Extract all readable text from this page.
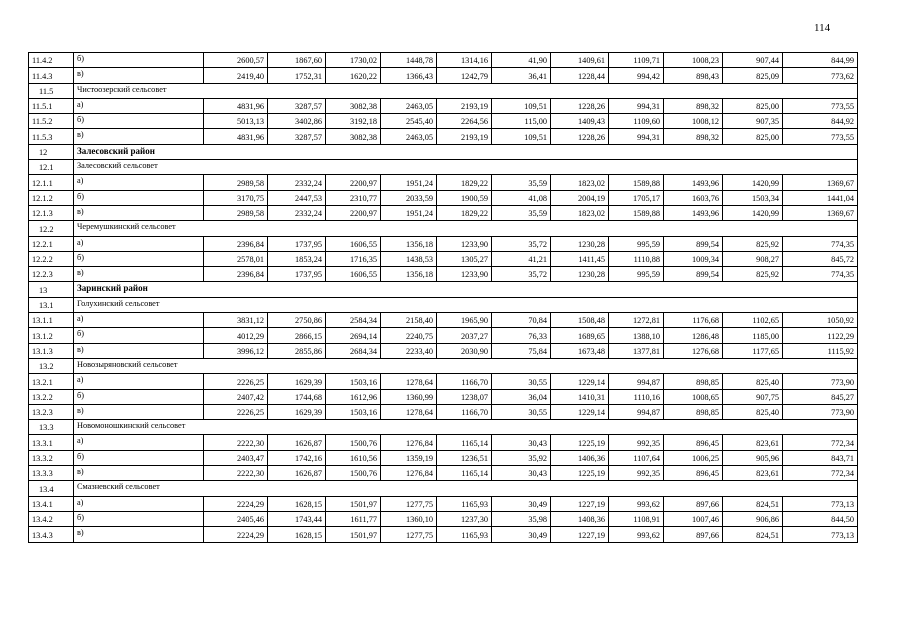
114
11.4.2	б)	2600,57	1867,60	1730,02	1448,78	1314,16	41,90	1409,61	1109,71	1008,23	907,44	844,99	
11.4.3	в)	2419,40	1752,31	1620,22	1366,43	1242,79	36,41	1228,44	994,42	898,43	825,09	773,62	
11.5	Чистоозерский сельсовет												
11.5.1	а)	4831,96	3287,57	3082,38	2463,05	2193,19	109,51	1228,26	994,31	898,32	825,00	773,55	
11.5.2	б)	5013,13	3402,86	3192,18	2545,40	2264,56	115,00	1409,43	1109,60	1008,12	907,35	844,92	
11.5.3	в)	4831,96	3287,57	3082,38	2463,05	2193,19	109,51	1228,26	994,31	898,32	825,00	773,55	
12	Залесовский район												
12.1	Залесовский сельсовет												
12.1.1	а)	2989,58	2332,24	2200,97	1951,24	1829,22	35,59	1823,02	1589,88	1493,96	1420,99	1369,67	
12.1.2	б)	3170,75	2447,53	2310,77	2033,59	1900,59	41,08	2004,19	1705,17	1603,76	1503,34	1441,04	
12.1.3	в)	2989,58	2332,24	2200,97	1951,24	1829,22	35,59	1823,02	1589,88	1493,96	1420,99	1369,67	
12.2	Черемушкинский сельсовет												
12.2.1	а)	2396,84	1737,95	1606,55	1356,18	1233,90	35,72	1230,28	995,59	899,54	825,92	774,35	
12.2.2	б)	2578,01	1853,24	1716,35	1438,53	1305,27	41,21	1411,45	1110,88	1009,34	908,27	845,72	
12.2.3	в)	2396,84	1737,95	1606,55	1356,18	1233,90	35,72	1230,28	995,59	899,54	825,92	774,35	
13	Заринский район												
13.1	Голухинский сельсовет												
13.1.1	а)	3831,12	2750,86	2584,34	2158,40	1965,90	70,84	1508,48	1272,81	1176,68	1102,65	1050,92	
13.1.2	б)	4012,29	2866,15	2694,14	2240,75	2037,27	76,33	1689,65	1388,10	1286,48	1185,00	1122,29	
13.1.3	в)	3996,12	2855,86	2684,34	2233,40	2030,90	75,84	1673,48	1377,81	1276,68	1177,65	1115,92	
13.2	Новозыряновский сельсовет												
13.2.1	а)	2226,25	1629,39	1503,16	1278,64	1166,70	30,55	1229,14	994,87	898,85	825,40	773,90	
13.2.2	б)	2407,42	1744,68	1612,96	1360,99	1238,07	36,04	1410,31	1110,16	1008,65	907,75	845,27	
13.2.3	в)	2226,25	1629,39	1503,16	1278,64	1166,70	30,55	1229,14	994,87	898,85	825,40	773,90	
13.3	Новомоношкинский сельсовет												
13.3.1	а)	2222,30	1626,87	1500,76	1276,84	1165,14	30,43	1225,19	992,35	896,45	823,61	772,34	
13.3.2	б)	2403,47	1742,16	1610,56	1359,19	1236,51	35,92	1406,36	1107,64	1006,25	905,96	843,71	
13.3.3	в)	2222,30	1626,87	1500,76	1276,84	1165,14	30,43	1225,19	992,35	896,45	823,61	772,34	
13.4	Смазневский сельсовет												
13.4.1	а)	2224,29	1628,15	1501,97	1277,75	1165,93	30,49	1227,19	993,62	897,66	824,51	773,13	
13.4.2	б)	2405,46	1743,44	1611,77	1360,10	1237,30	35,98	1408,36	1108,91	1007,46	906,86	844,50	
13.4.3	в)	2224,29	1628,15	1501,97	1277,75	1165,93	30,49	1227,19	993,62	897,66	824,51	773,13	
